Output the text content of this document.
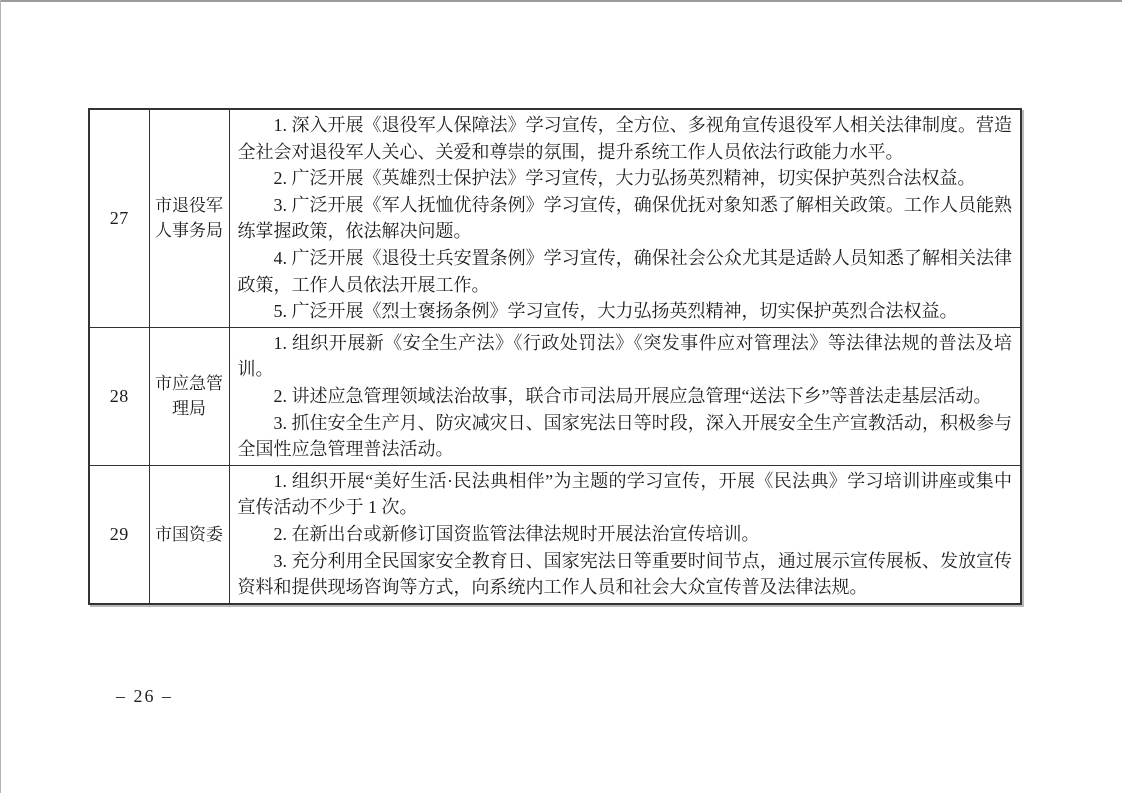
27	市退役军人事务局	1. 深入开展《退役军人保障法》学习宣传，全方位、多视角宣传退役军人相关法律制度。营造全社会对退役军人关心、关爱和尊崇的氛围，提升系统工作人员依法行政能力水平。

2. 广泛开展《英雄烈士保护法》学习宣传，大力弘扬英烈精神，切实保护英烈合法权益。

3. 广泛开展《军人抚恤优待条例》学习宣传，确保优抚对象知悉了解相关政策。工作人员能熟练掌握政策，依法解决问题。

4. 广泛开展《退役士兵安置条例》学习宣传，确保社会公众尤其是适龄人员知悉了解相关法律政策，工作人员依法开展工作。

5. 广泛开展《烈士褒扬条例》学习宣传，大力弘扬英烈精神，切实保护英烈合法权益。

28	市应急管理局	1. 组织开展新《安全生产法》《行政处罚法》《突发事件应对管理法》等法律法规的普法及培训。

2. 讲述应急管理领域法治故事，联合市司法局开展应急管理“送法下乡”等普法走基层活动。

3. 抓住安全生产月、防灾减灾日、国家宪法日等时段，深入开展安全生产宣教活动，积极参与全国性应急管理普法活动。

29	市国资委	1. 组织开展“美好生活·民法典相伴”为主题的学习宣传，开展《民法典》学习培训讲座或集中宣传活动不少于 1 次。

2. 在新出台或新修订国资监管法律法规时开展法治宣传培训。

3. 充分利用全民国家安全教育日、国家宪法日等重要时间节点，通过展示宣传展板、发放宣传资料和提供现场咨询等方式，向系统内工作人员和社会大众宣传普及法律法规。

– 26 –
